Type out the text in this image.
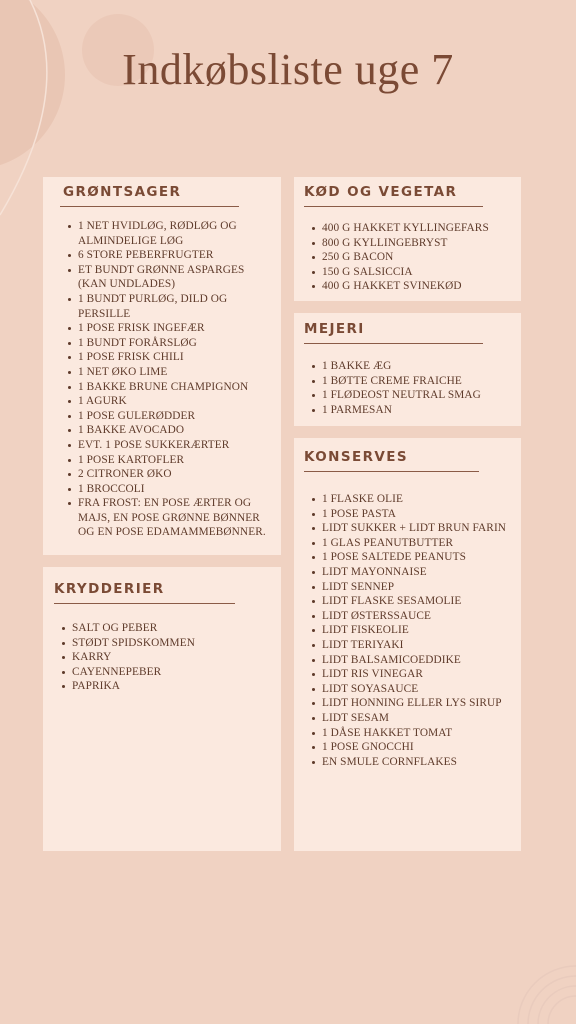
Indkøbsliste uge 7
GRØNTSAGER
1 NET HVIDLØG, RØDLØG OG ALMINDELIGE LØG
6 STORE PEBERFRUGTER
ET BUNDT GRØNNE ASPARGES (KAN UNDLADES)
1 BUNDT PURLØG, DILD OG PERSILLE
1 POSE FRISK INGEFÆR
1 BUNDT FORÅRSLØG
1 POSE FRISK CHILI
1 NET ØKO LIME
1 BAKKE BRUNE CHAMPIGNON
1 AGURK
1 POSE GULERØDDER
1 BAKKE AVOCADO
EVT. 1 POSE SUKKERÆRTER
1 POSE KARTOFLER
2 CITRONER ØKO
1 BROCCOLI
FRA FROST: EN POSE ÆRTER OG MAJS, EN POSE GRØNNE BØNNER OG EN POSE EDAMAMMEBØNNER.
KRYDDERIER
SALT OG PEBER
STØDT SPIDSKOMMEN
KARRY
CAYENNEPEBER
PAPRIKA
KØD OG VEGETAR
400 G HAKKET KYLLINGEFARS
800 G KYLLINGEBRYST
250 G BACON
150 G SALSICCIA
400 G HAKKET SVINEKØD
MEJERI
1 BAKKE ÆG
1 BØTTE CREME FRAICHE
1 FLØDEOST NEUTRAL SMAG
1 PARMESAN
KONSERVES
1 FLASKE OLIE
1 POSE PASTA
LIDT SUKKER + LIDT BRUN FARIN
1 GLAS PEANUTBUTTER
1 POSE SALTEDE PEANUTS
LIDT MAYONNAISE
LIDT SENNEP
LIDT FLASKE SESAMOLIE
LIDT ØSTERSSAUCE
LIDT FISKEOLIE
LIDT TERIYAKI
LIDT BALSAMICOEDDIKE
LIDT RIS VINEGAR
LIDT SOYASAUCE
LIDT HONNING ELLER LYS SIRUP
LIDT SESAM
1 DÅSE HAKKET TOMAT
1 POSE GNOCCHI
EN SMULE CORNFLAKES
